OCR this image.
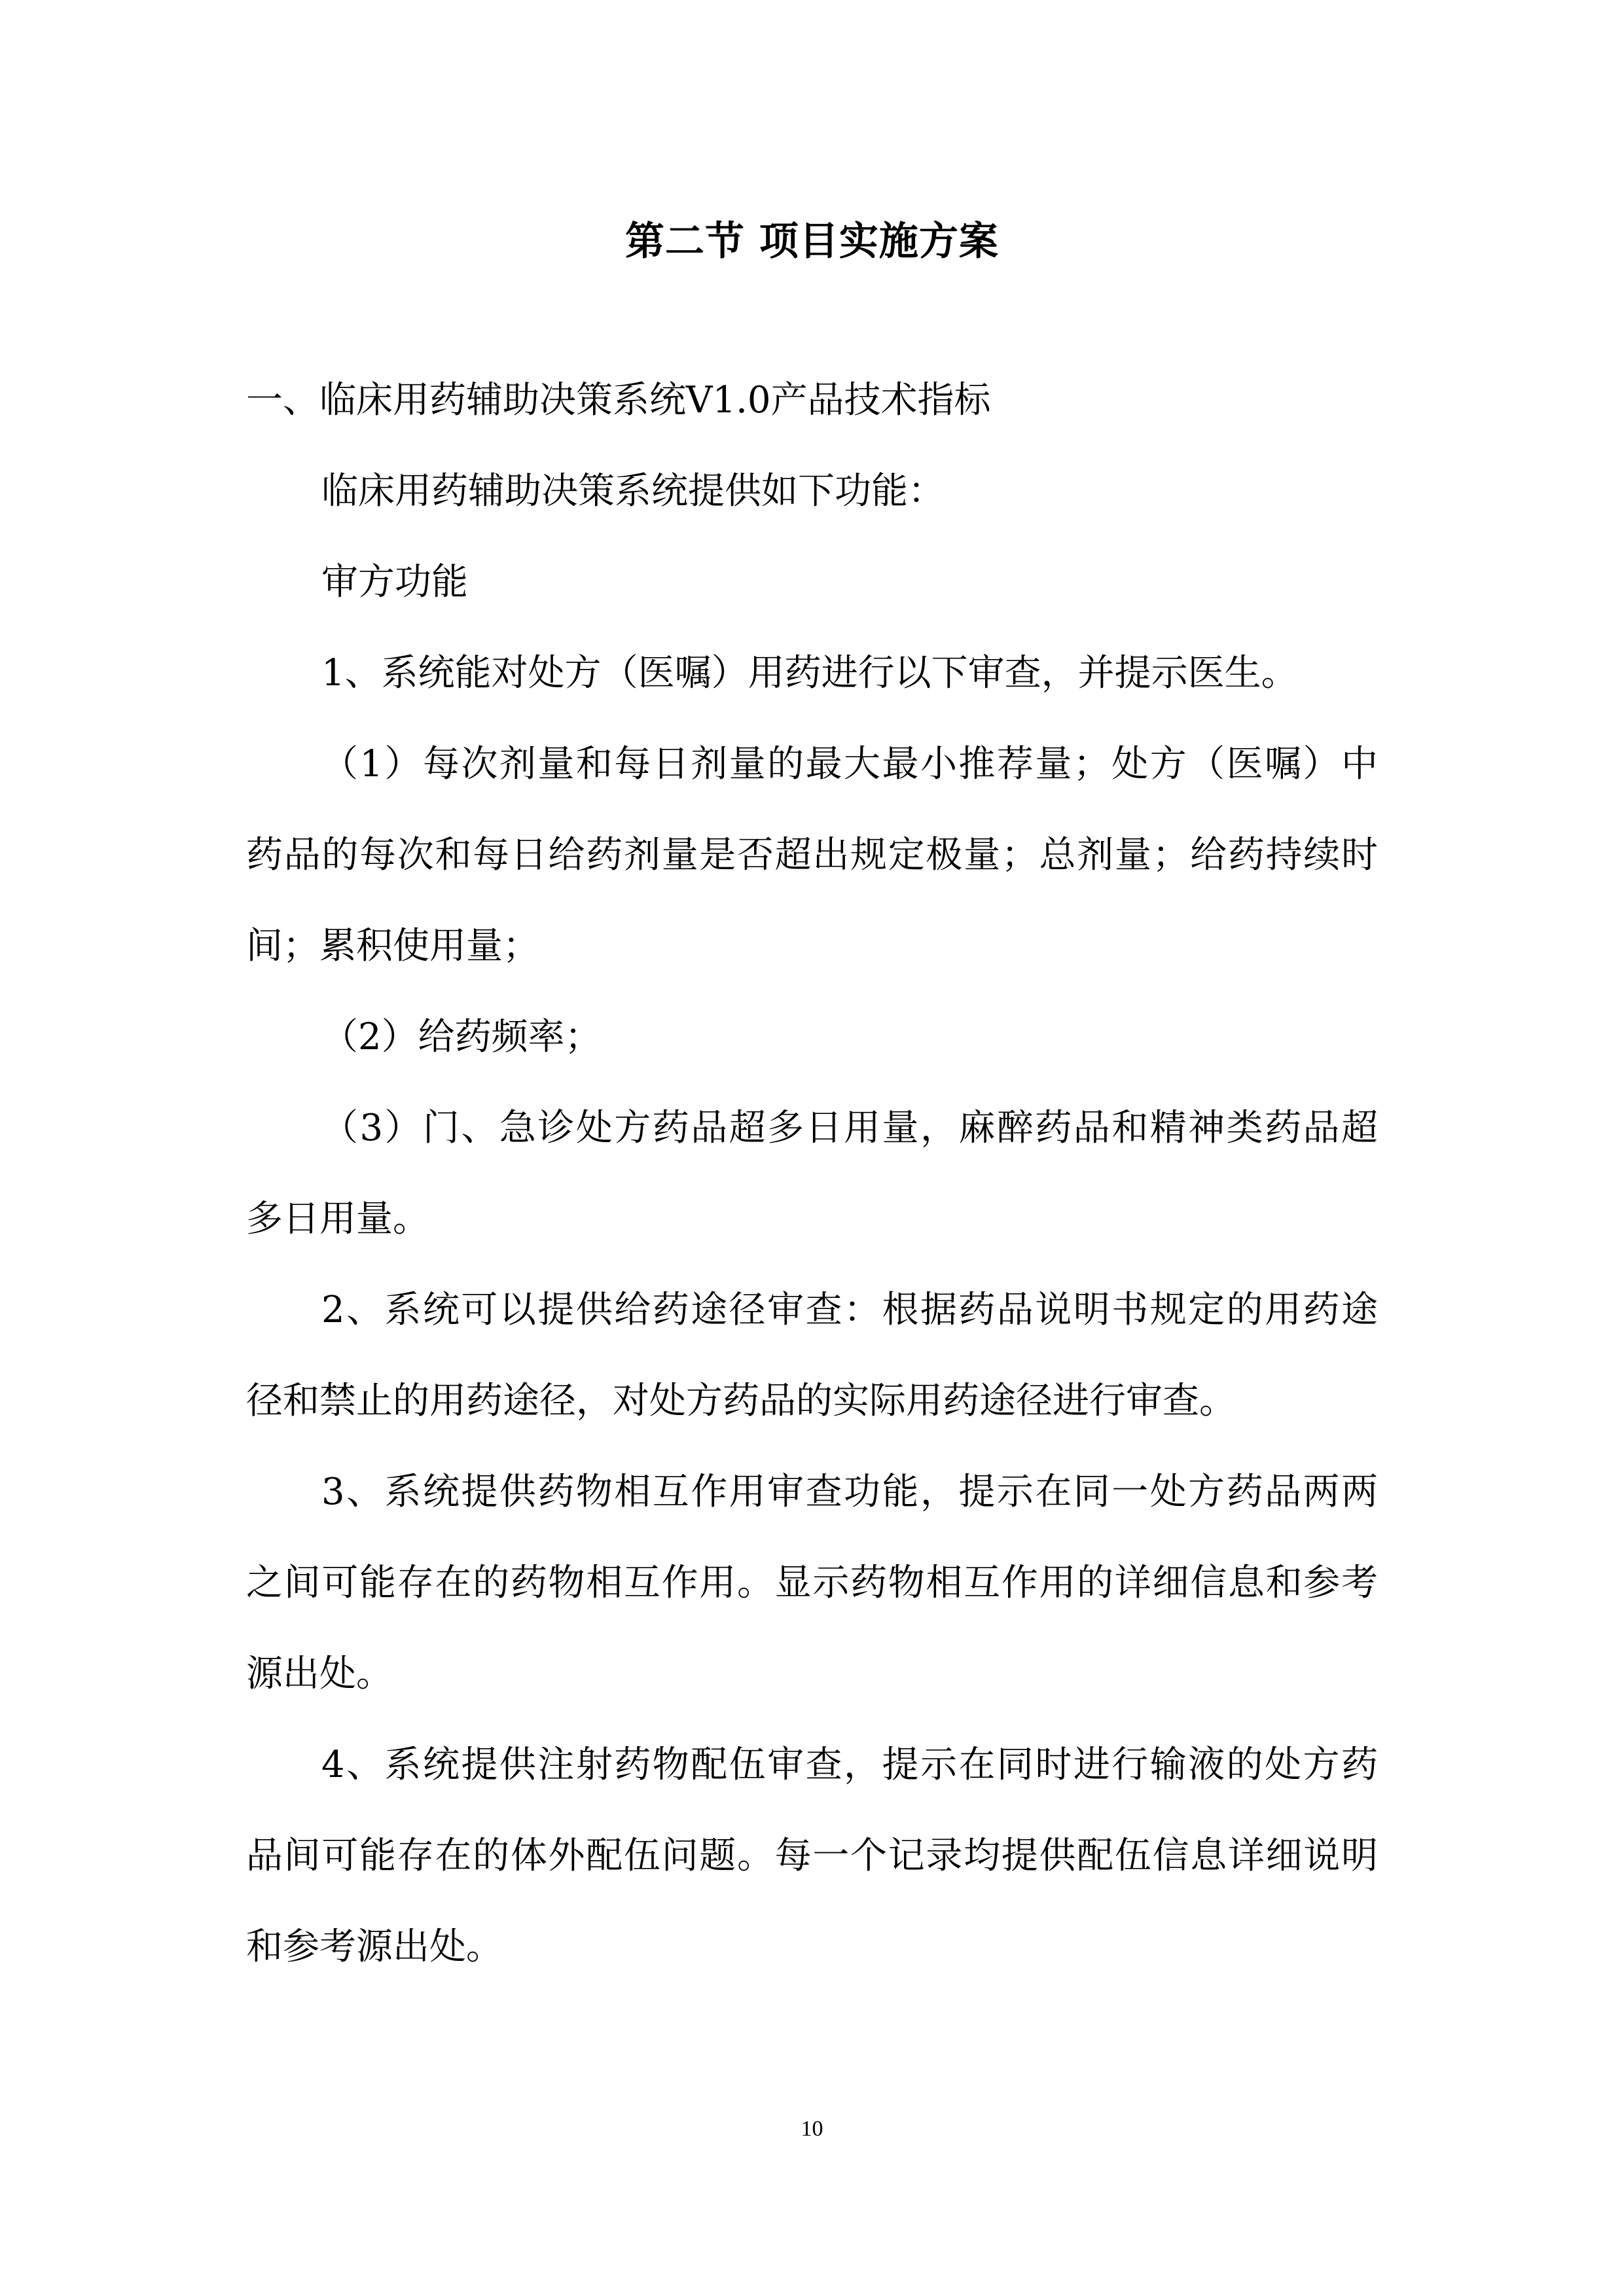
第二节 项目实施方案
一、临床用药辅助决策系统V1.0产品技术指标
临床用药辅助决策系统提供如下功能：
审方功能
1、系统能对处方（医嘱）用药进行以下审查，并提示医生。
（1）每次剂量和每日剂量的最大最小推荐量；处方（医嘱）中
药品的每次和每日给药剂量是否超出规定极量；总剂量；给药持续时
间；累积使用量；
（2）给药频率；
（3）门、急诊处方药品超多日用量，麻醉药品和精神类药品超
多日用量。
2、系统可以提供给药途径审查：根据药品说明书规定的用药途
径和禁止的用药途径，对处方药品的实际用药途径进行审查。
3、系统提供药物相互作用审查功能，提示在同一处方药品两两
之间可能存在的药物相互作用。显示药物相互作用的详细信息和参考
源出处。
4、系统提供注射药物配伍审查，提示在同时进行输液的处方药
品间可能存在的体外配伍问题。每一个记录均提供配伍信息详细说明
和参考源出处。
10
